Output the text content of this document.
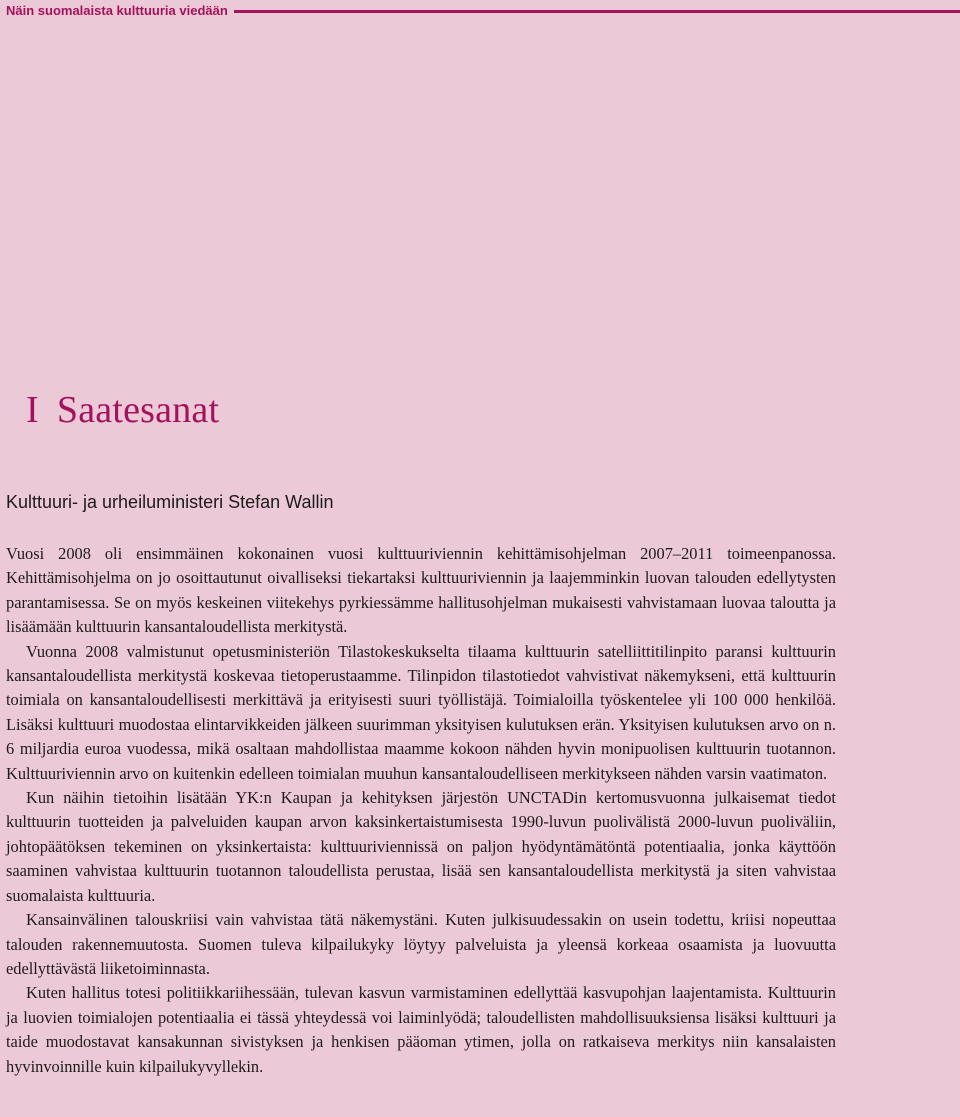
Näin suomalaista kulttuuria viedään
I Saatesanat
Kulttuuri- ja urheiluministeri Stefan Wallin

Vuosi 2008 oli ensimmäinen kokonainen vuosi kulttuuriviennin kehittämisohjelman 2007–2011 toimeenpanossa. Kehittämisohjelma on jo osoittautunut oivalliseksi tiekartaksi kulttuuriviennin ja laajemminkin luovan talouden edellytysten parantamisessa. Se on myös keskeinen viitekehys pyrkiessämme hallitusohjelman mukaisesti vahvistamaan luovaa taloutta ja lisäämään kulttuurin kansantaloudellista merkitystä.

Vuonna 2008 valmistunut opetusministeriön Tilastokeskukselta tilaama kulttuurin satelliittitilinpito paransi kulttuurin kansantaloudellista merkitystä koskevaa tietoperustaamme. Tilinpidon tilastotiedot vahvistivat näkemykseni, että kulttuurin toimiala on kansantaloudellisesti merkittävä ja erityisesti suuri työllistäjä. Toimialoilla työskentelee yli 100 000 henkilöä. Lisäksi kulttuuri muodostaa elintarvikkeiden jälkeen suurimman yksityisen kulutuksen erän. Yksityisen kulutuksen arvo on n. 6 miljardia euroa vuodessa, mikä osaltaan mahdollistaa maamme kokoon nähden hyvin monipuolisen kulttuurin tuotannon. Kulttuuriviennin arvo on kuitenkin edelleen toimialan muuhun kansantaloudelliseen merkitykseen nähden varsin vaatimaton.

Kun näihin tietoihin lisätään YK:n Kaupan ja kehityksen järjestön UNCTADin kertomusvuonna julkaisemat tiedot kulttuurin tuotteiden ja palveluiden kaupan arvon kaksinkertaistumisesta 1990-luvun puolivälistä 2000-luvun puoliväliin, johtopäätöksen tekeminen on yksinkertaista: kulttuuriviennissä on paljon hyödyntämätöntä potentiaalia, jonka käyttöön saaminen vahvistaa kulttuurin tuotannon taloudellista perustaa, lisää sen kansantaloudellista merkitystä ja siten vahvistaa suomalaista kulttuuria.

Kansainvälinen talouskriisi vain vahvistaa tätä näkemystäni. Kuten julkisuudessakin on usein todettu, kriisi nopeuttaa talouden rakennemuutosta. Suomen tuleva kilpailukyky löytyy palveluista ja yleensä korkeaa osaamista ja luovuutta edellyttävästä liiketoiminnasta.

Kuten hallitus totesi politiikkariihessään, tulevan kasvun varmistaminen edellyttää kasvupohjan laajentamista. Kulttuurin ja luovien toimialojen potentiaalia ei tässä yhteydessä voi laiminlyödä; taloudellisten mahdollisuuksiensa lisäksi kulttuuri ja taide muodostavat kansakunnan sivistyksen ja henkisen pääoman ytimen, jolla on ratkaiseva merkitys niin kansalaisten hyvinvoinnille kuin kilpailukyvyllekin.
